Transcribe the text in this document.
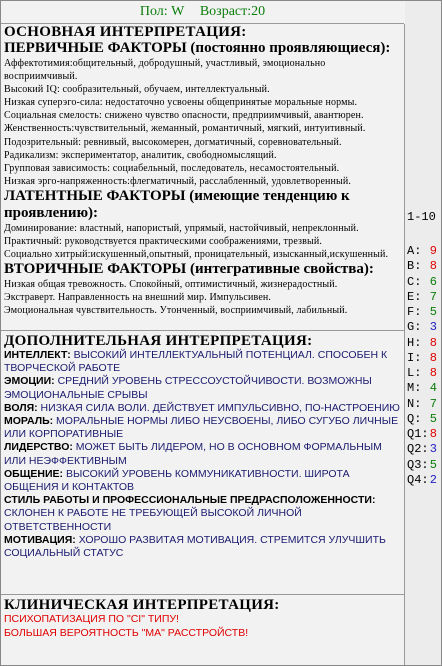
Пол: W Возраст:20
ОСНОВНАЯ ИНТЕРПРЕТАЦИЯ:
ПЕРВИЧНЫЕ ФАКТОРЫ (постоянно проявляющиеся):
Аффектотимия:общительный, добродушный, участливый, эмоционально восприимчивый.
Высокий IQ: сообразительный, обучаем, интеллектуальный.
Низкая суперэго-сила: недостаточно усвоены общепринятые моральные нормы.
Социальная смелость: снижено чувство опасности, предприимчивый, авантюрен.
Женственность:чувствительный, жеманный, романтичный, мягкий, интуитивный.
Подозрительный: ревнивый, высокомерен, догматичный, соревновательный.
Радикализм: экспериментатор, аналитик, свободномыслящий.
Групповая зависимость: социабельный, последователь, несамостоятельный.
Низкая эрго-напряженность:флегматичный, расслабленный, удовлетворенный.
ЛАТЕНТНЫЕ ФАКТОРЫ (имеющие тенденцию к проявлению):
Доминирование: властный, напористый, упрямый, настойчивый, непреклонный.
Практичный: руководствуется практическими соображениями, трезвый.
Социально хитрый:искушенный,опытный, проницательный, изысканный,искушенный.
ВТОРИЧНЫЕ ФАКТОРЫ (интегративные свойства):
Низкая общая тревожность. Спокойный, оптимистичный, жизнерадостный.
Экстраверт. Направленность на внешний мир. Импульсивен.
Эмоциональная чувствительность. Утонченный, восприимчивый, лабильный.
ДОПОЛНИТЕЛЬНАЯ ИНТЕРПРЕТАЦИЯ:
ИНТЕЛЛЕКТ: ВЫСОКИЙ ИНТЕЛЛЕКТУАЛЬНЫЙ ПОТЕНЦИАЛ. СПОСОБЕН К ТВОРЧЕСКОЙ РАБОТЕ
ЭМОЦИИ: СРЕДНИЙ УРОВЕНЬ СТРЕССОУСТОЙЧИВОСТИ. ВОЗМОЖНЫ ЭМОЦИОНАЛЬНЫЕ СРЫВЫ
ВОЛЯ: НИЗКАЯ СИЛА ВОЛИ. ДЕЙСТВУЕТ ИМПУЛЬСИВНО, ПО-НАСТРОЕНИЮ
МОРАЛЬ: МОРАЛЬНЫЕ НОРМЫ ЛИБО НЕУСВОЕНЫ, ЛИБО СУГУБО ЛИЧНЫЕ ИЛИ КОРПОРАТИВНЫЕ
ЛИДЕРСТВО: МОЖЕТ БЫТЬ ЛИДЕРОМ, НО В ОСНОВНОМ ФОРМАЛЬНЫМ ИЛИ НЕЭФФЕКТИВНЫМ
ОБЩЕНИЕ: ВЫСОКИЙ УРОВЕНЬ КОММУНИКАТИВНОСТИ. ШИРОТА ОБЩЕНИЯ И КОНТАКТОВ
СТИЛЬ РАБОТЫ И ПРОФЕССИОНАЛЬНЫЕ ПРЕДРАСПОЛОЖЕННОСТИ: СКЛОНЕН К РАБОТЕ НЕ ТРЕБУЮЩЕЙ ВЫСОКОЙ ЛИЧНОЙ ОТВЕТСТВЕННОСТИ
МОТИВАЦИЯ: ХОРОШО РАЗВИТАЯ МОТИВАЦИЯ. СТРЕМИТСЯ УЛУЧШИТЬ СОЦИАЛЬНЫЙ СТАТУС
КЛИНИЧЕСКАЯ ИНТЕРПРЕТАЦИЯ:
ПСИХОПАТИЗАЦИЯ ПО "СI" ТИПУ!
БОЛЬШАЯ ВЕРОЯТНОСТЬ "МА" РАССТРОЙСТВ!
1-10
A: 9
B: 8
C: 6
E: 7
F: 5
G: 3
H: 8
I: 8
L: 8
M: 4
N: 7
Q: 5
Q1: 8
Q2: 3
Q3: 5
Q4: 2
